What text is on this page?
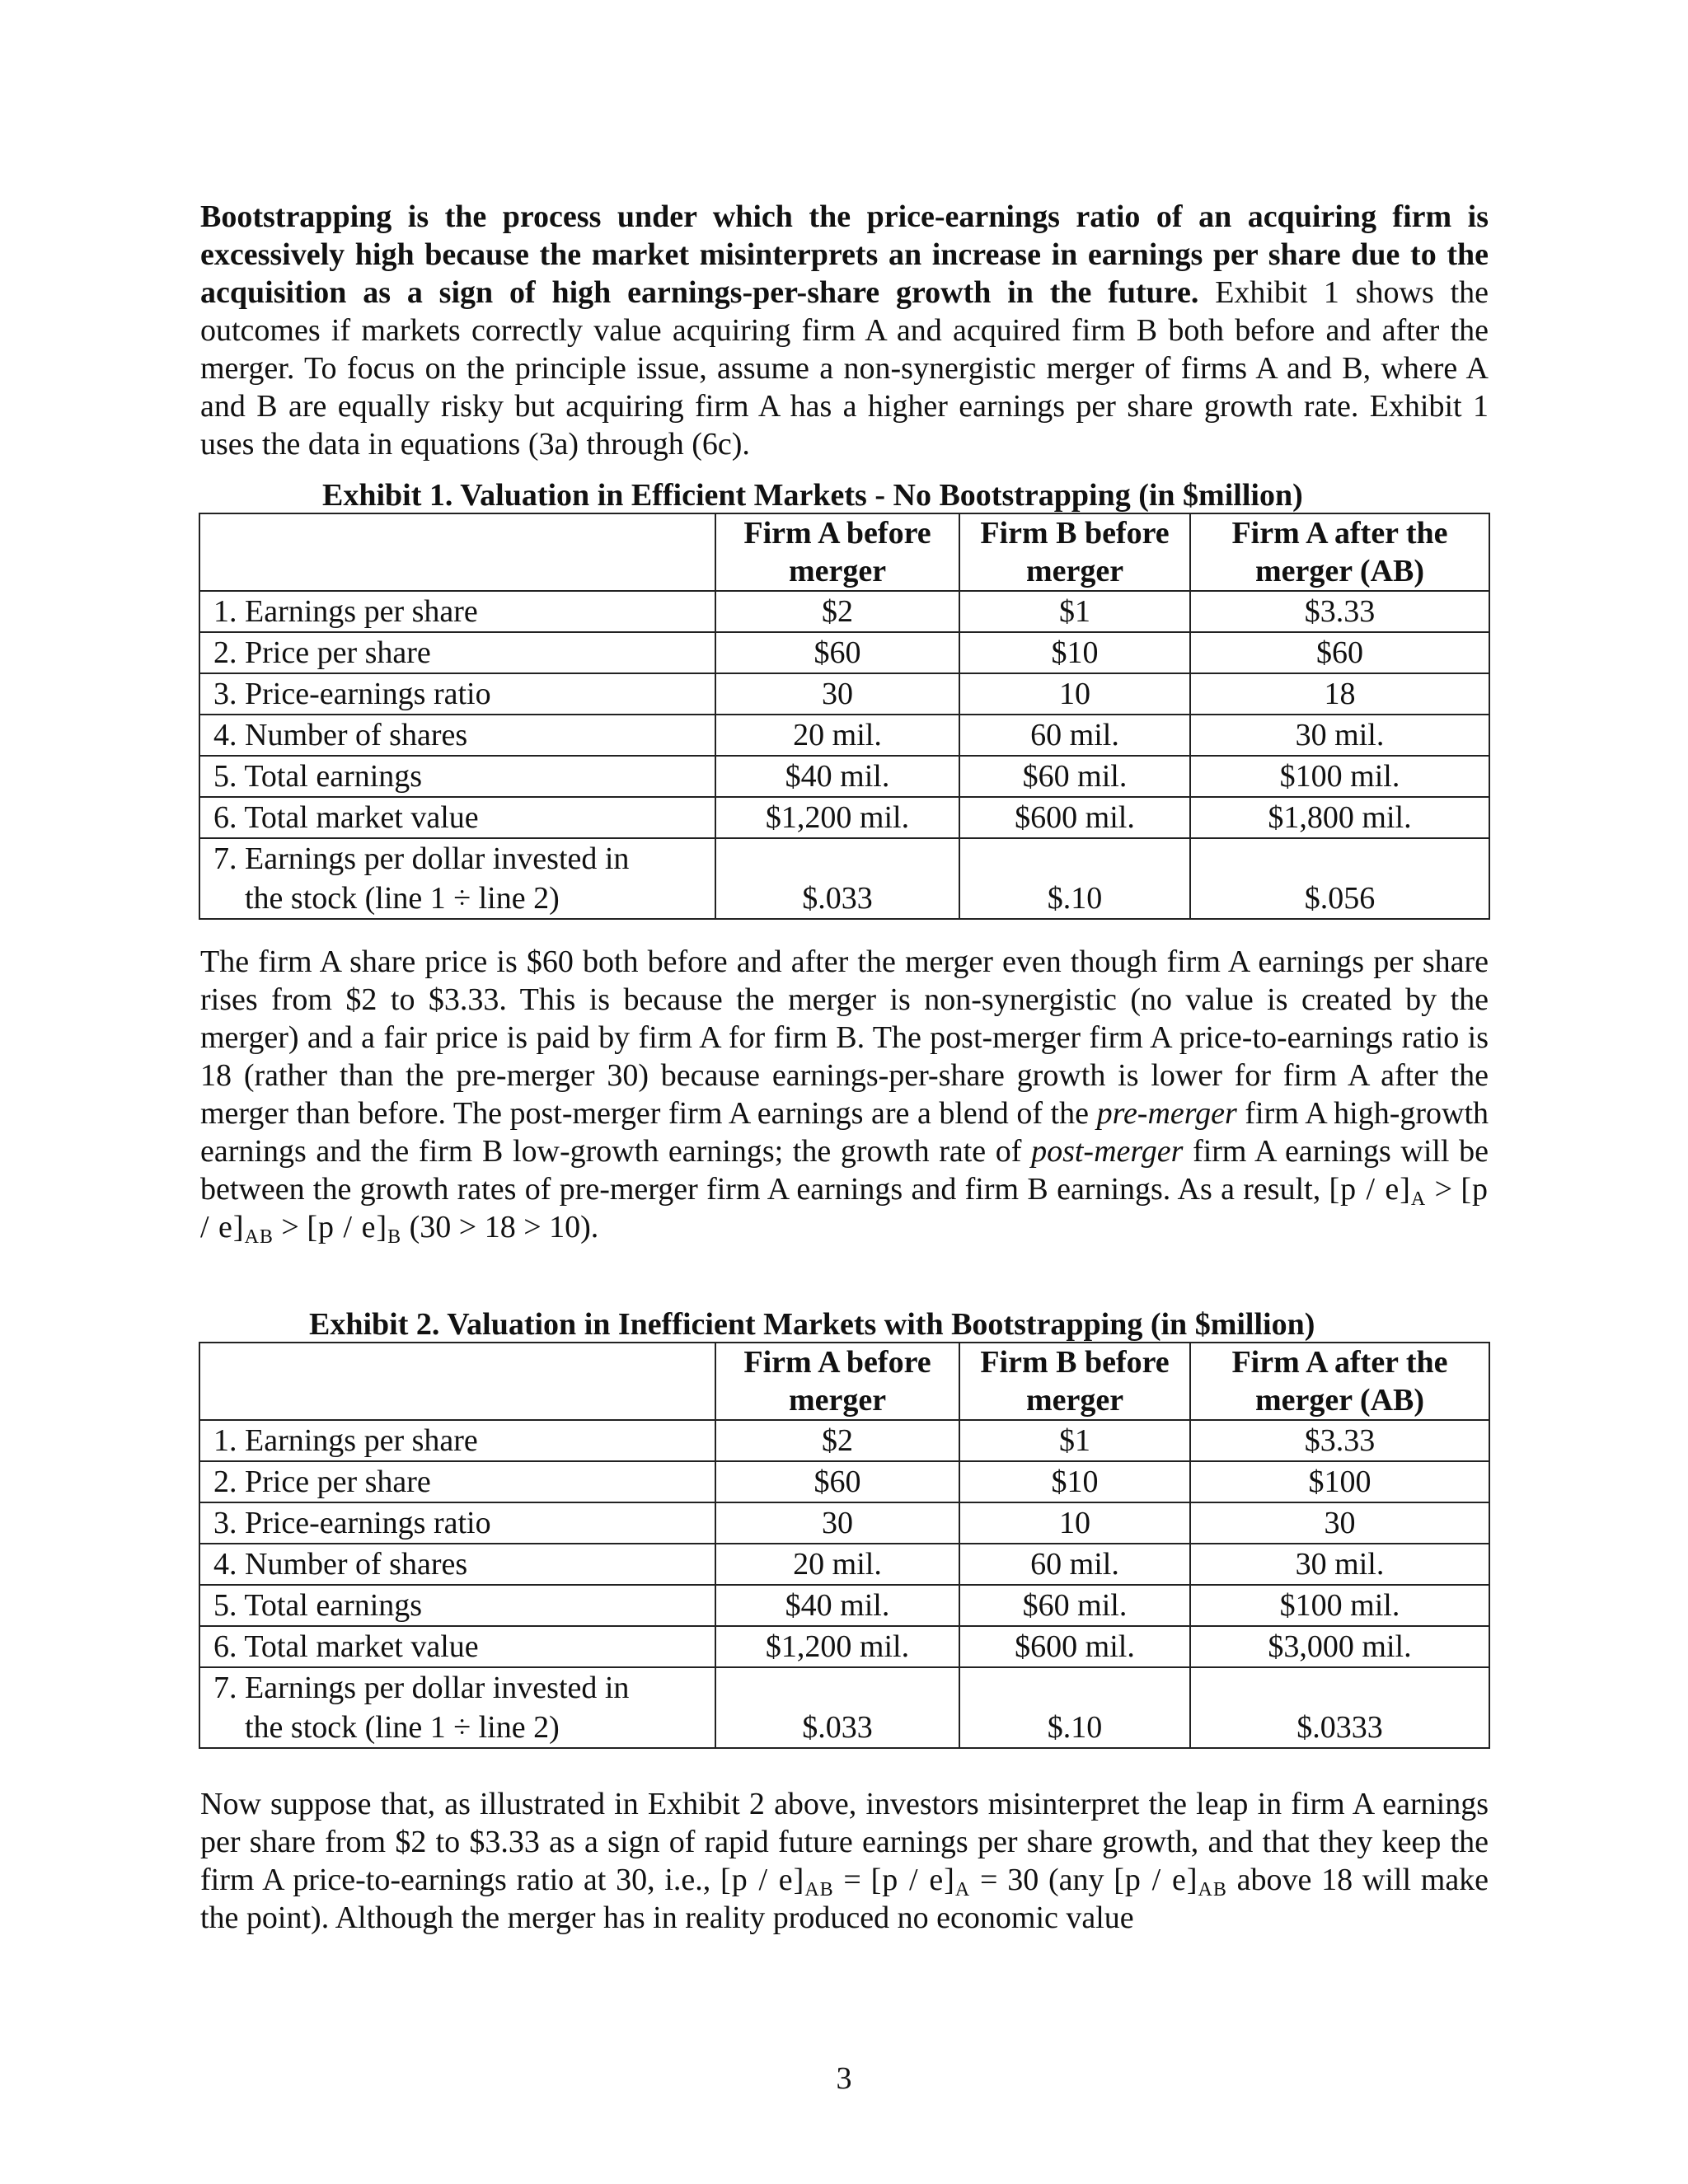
Bootstrapping is the process under which the price-earnings ratio of an acquiring firm is excessively high because the market misinterprets an increase in earnings per share due to the acquisition as a sign of high earnings-per-share growth in the future. Exhibit 1 shows the outcomes if markets correctly value acquiring firm A and acquired firm B both before and after the merger. To focus on the principle issue, assume a non-synergistic merger of firms A and B, where A and B are equally risky but acquiring firm A has a higher earnings per share growth rate. Exhibit 1 uses the data in equations (3a) through (6c).

Exhibit 1. Valuation in Efficient Markets - No Bootstrapping (in $million)

	Firm A before merger	Firm B before merger	Firm A after the merger (AB)
1. Earnings per share	$2	$1	$3.33
2. Price per share	$60	$10	$60
3. Price-earnings ratio	30	10	18
4. Number of shares	20 mil.	60 mil.	30 mil.
5. Total earnings	$40 mil.	$60 mil.	$100 mil.
6. Total market value	$1,200 mil.	$600 mil.	$1,800 mil.
7. Earnings per dollar invested in

the stock (line 1 ÷ line 2)	$.033	$.10	$.056

The firm A share price is $60 both before and after the merger even though firm A earnings per share rises from $2 to $3.33. This is because the merger is non-synergistic (no value is created by the merger) and a fair price is paid by firm A for firm B. The post-merger firm A price-to-earnings ratio is 18 (rather than the pre-merger 30) because earnings-per-share growth is lower for firm A after the merger than before. The post-merger firm A earnings are a blend of the pre-merger firm A high-growth earnings and the firm B low-growth earnings; the growth rate of post-merger firm A earnings will be between the growth rates of pre-merger firm A earnings and firm B earnings. As a result, $[p / e]_A > [p / e]_{AB} > [p / e]_B$ (30 > 18 > 10).

Exhibit 2. Valuation in Inefficient Markets with Bootstrapping (in $million)

	Firm A before merger	Firm B before merger	Firm A after the merger (AB)
1. Earnings per share	$2	$1	$3.33
2. Price per share	$60	$10	$100
3. Price-earnings ratio	30	10	30
4. Number of shares	20 mil.	60 mil.	30 mil.
5. Total earnings	$40 mil.	$60 mil.	$100 mil.
6. Total market value	$1,200 mil.	$600 mil.	$3,000 mil.
7. Earnings per dollar invested in

the stock (line 1 ÷ line 2)	$.033	$.10	$.0333

Now suppose that, as illustrated in Exhibit 2 above, investors misinterpret the leap in firm A earnings per share from $2 to $3.33 as a sign of rapid future earnings per share growth, and that they keep the firm A price-to-earnings ratio at 30, i.e., $[p / e]_{AB} = [p / e]_A = 30$ (any $[p / e]_{AB}$ above 18 will make the point). Although the merger has in reality produced no economic value

3
